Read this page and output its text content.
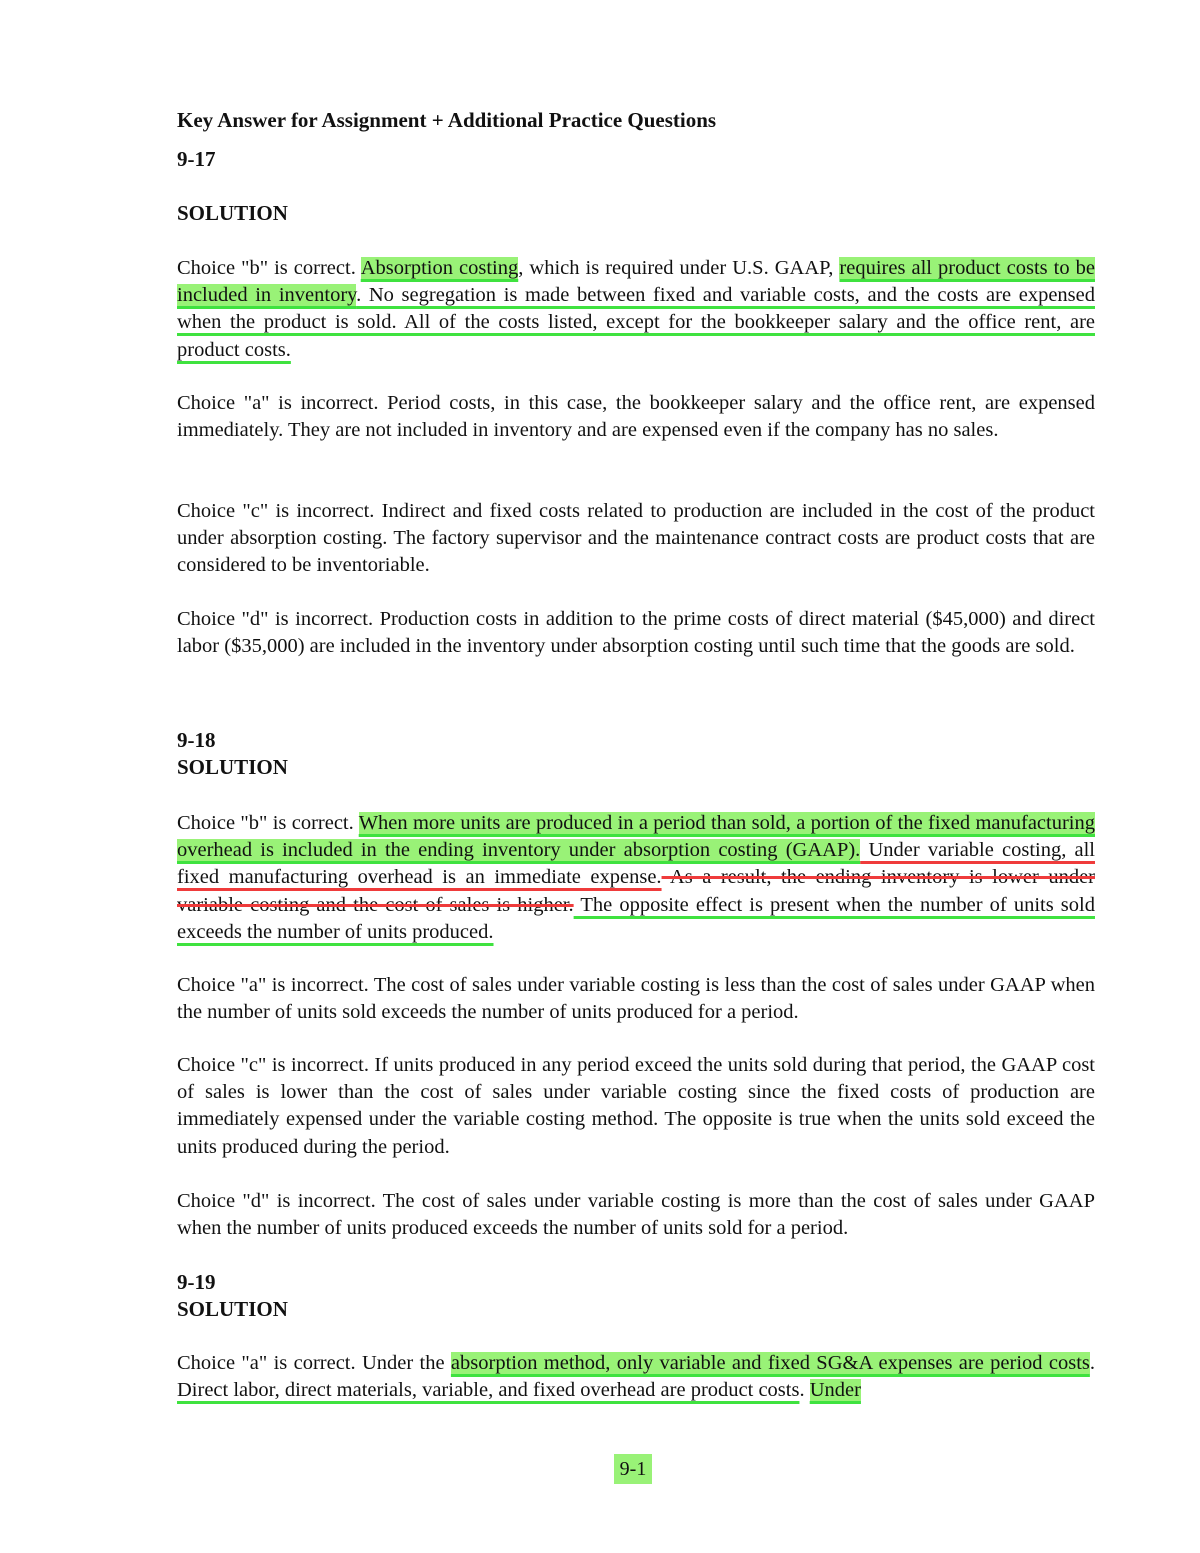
Key Answer for Assignment + Additional Practice Questions
9-17
SOLUTION

Choice "b" is correct. Absorption costing, which is required under U.S. GAAP, requires all product costs to be included in inventory. No segregation is made between fixed and variable costs, and the costs are expensed when the product is sold. All of the costs listed, except for the bookkeeper salary and the office rent, are product costs.

Choice "a" is incorrect. Period costs, in this case, the bookkeeper salary and the office rent, are expensed immediately. They are not included in inventory and are expensed even if the company has no sales.

Choice "c" is incorrect. Indirect and fixed costs related to production are included in the cost of the product under absorption costing. The factory supervisor and the maintenance contract costs are product costs that are considered to be inventoriable.

Choice "d" is incorrect. Production costs in addition to the prime costs of direct material ($45,000) and direct labor ($35,000) are included in the inventory under absorption costing until such time that the goods are sold.

9-18
SOLUTION

Choice "b" is correct. When more units are produced in a period than sold, a portion of the fixed manufacturing overhead is included in the ending inventory under absorption costing (GAAP). Under variable costing, all fixed manufacturing overhead is an immediate expense. As a result, the ending inventory is lower under variable costing and the cost of sales is higher. The opposite effect is present when the number of units sold exceeds the number of units produced.

Choice "a" is incorrect. The cost of sales under variable costing is less than the cost of sales under GAAP when the number of units sold exceeds the number of units produced for a period.

Choice "c" is incorrect. If units produced in any period exceed the units sold during that period, the GAAP cost of sales is lower than the cost of sales under variable costing since the fixed costs of production are immediately expensed under the variable costing method. The opposite is true when the units sold exceed the units produced during the period.

Choice "d" is incorrect. The cost of sales under variable costing is more than the cost of sales under GAAP when the number of units produced exceeds the number of units sold for a period.

9-19
SOLUTION

Choice "a" is correct. Under the absorption method, only variable and fixed SG&A expenses are period costs. Direct labor, direct materials, variable, and fixed overhead are product costs. Under

9-1
